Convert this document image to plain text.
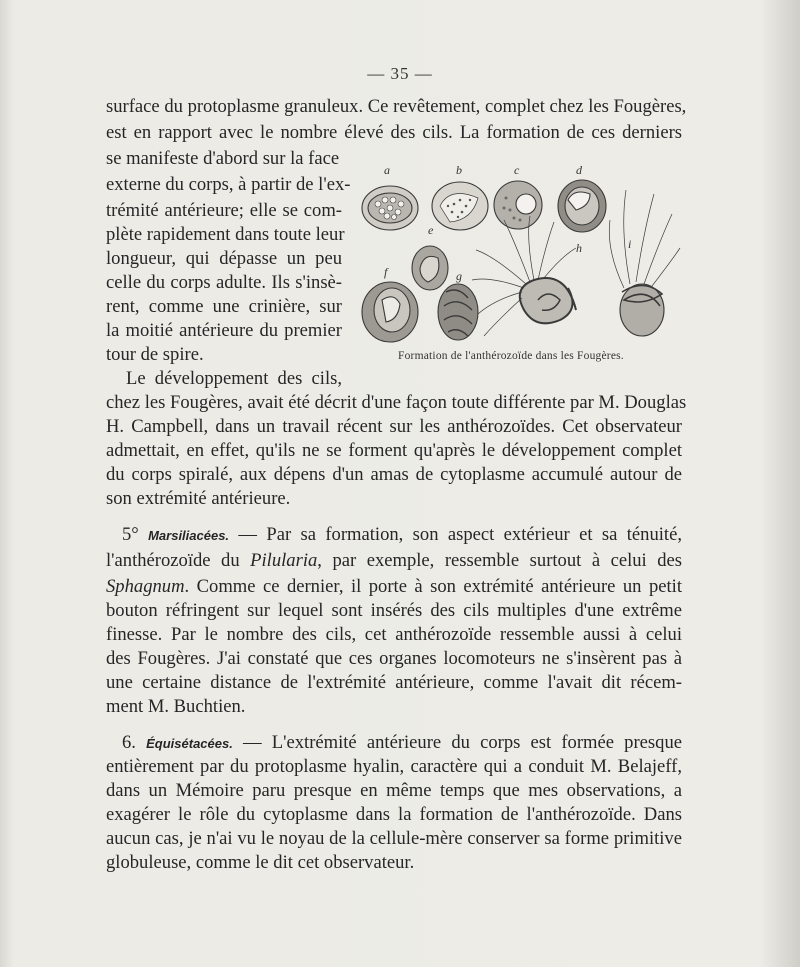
— 35 —
surface du protoplasme granuleux. Ce revêtement, complet chez les Fougères,
est en rapport avec le nombre élevé des cils. La formation de ces derniers
se manifeste d'abord sur la face
externe du corps, à partir de l'ex-
trémité antérieure; elle se com-
plète rapidement dans toute leur
longueur, qui dépasse un peu
celle du corps adulte. Ils s'insè-
rent, comme une crinière, sur
la moitié antérieure du premier
tour de spire.
a	b	c	d
e
f	g
h	i
Formation de l'anthérozoïde dans les Fougères.
Le développement des cils,
chez les Fougères, avait été décrit d'une façon toute différente par M. Douglas
H. Campbell, dans un travail récent sur les anthérozoïdes. Cet observateur
admettait, en effet, qu'ils ne se forment qu'après le développement complet
du corps spiralé, aux dépens d'un amas de cytoplasme accumulé autour de
son extrémité antérieure.
5° Marsiliacées. — Par sa formation, son aspect extérieur et sa ténuité,
l'anthérozoïde du Pilularia, par exemple, ressemble surtout à celui des
Sphagnum. Comme ce dernier, il porte à son extrémité antérieure un petit
bouton réfringent sur lequel sont insérés des cils multiples d'une extrême
finesse. Par le nombre des cils, cet anthérozoïde ressemble aussi à celui
des Fougères. J'ai constaté que ces organes locomoteurs ne s'insèrent pas à
une certaine distance de l'extrémité antérieure, comme l'avait dit récem-
ment M. Buchtien.
6. Équisétacées. — L'extrémité antérieure du corps est formée presque
entièrement par du protoplasme hyalin, caractère qui a conduit M. Belajeff,
dans un Mémoire paru presque en même temps que mes observations, a
exagérer le rôle du cytoplasme dans la formation de l'anthérozoïde. Dans
aucun cas, je n'ai vu le noyau de la cellule-mère conserver sa forme primitive
globuleuse, comme le dit cet observateur.
